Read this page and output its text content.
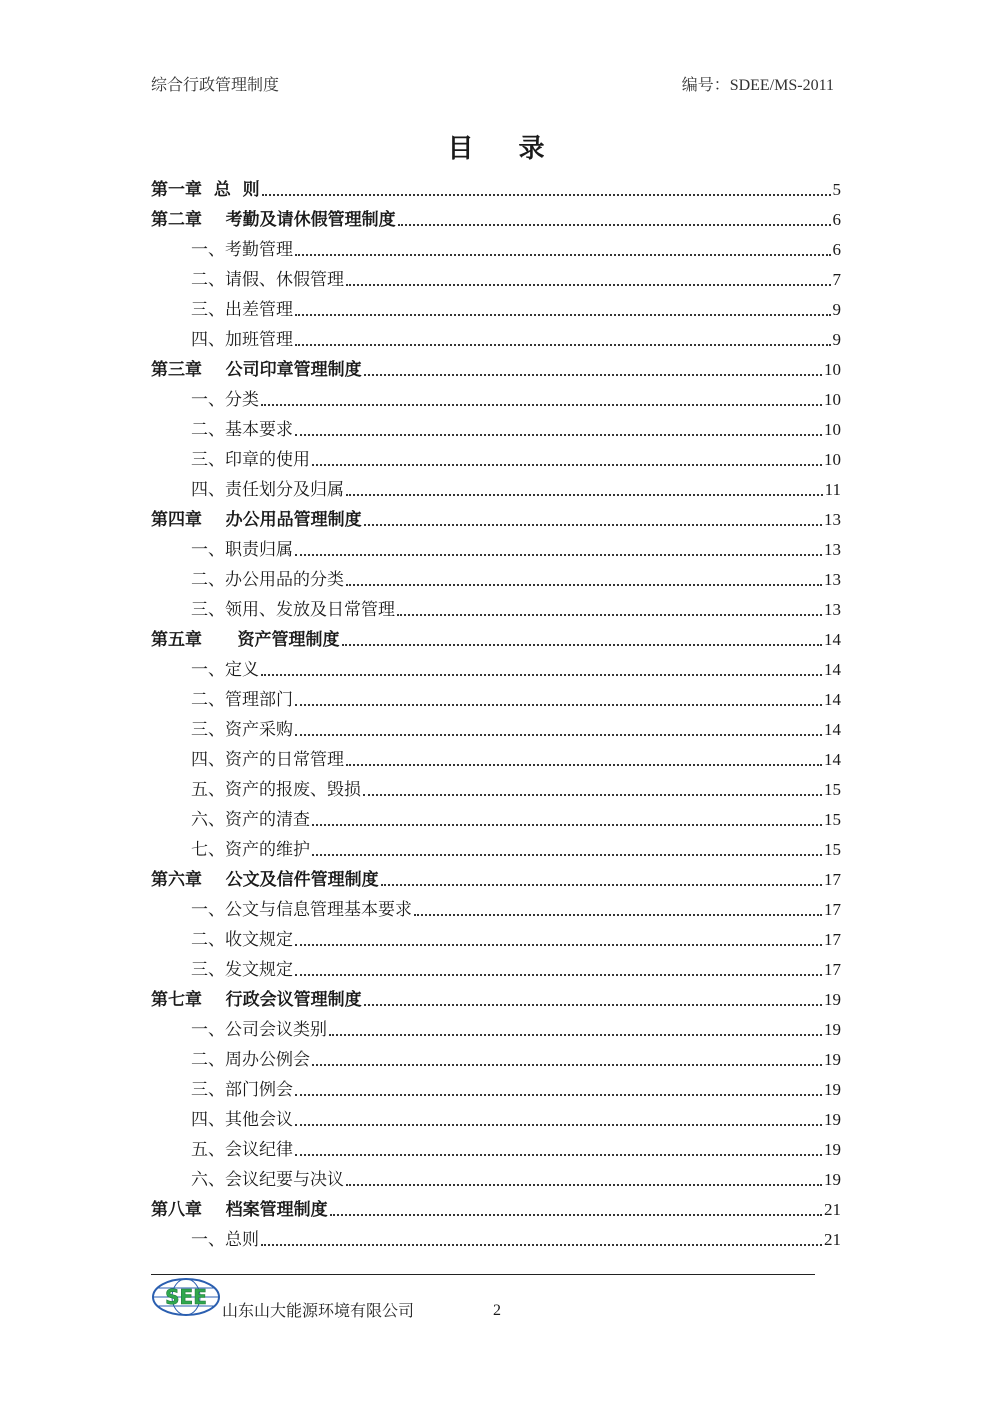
综合行政管理制度	编号：SDEE/MS-2011
目 录
第一章  总  则	5
第二章    考勤及请休假管理制度	6
一、考勤管理	6
二、请假、休假管理	7
三、出差管理	9
四、加班管理	9
第三章    公司印章管理制度	10
一、分类	10
二、基本要求	10
三、印章的使用	10
四、责任划分及归属	11
第四章    办公用品管理制度	13
一、职责归属	13
二、办公用品的分类	13
三、领用、发放及日常管理	13
第五章      资产管理制度	14
一、定义	14
二、管理部门	14
三、资产采购	14
四、资产的日常管理	14
五、资产的报废、毁损	15
六、资产的清查	15
七、资产的维护	15
第六章    公文及信件管理制度	17
一、公文与信息管理基本要求	17
二、收文规定	17
三、发文规定	17
第七章    行政会议管理制度	19
一、公司会议类别	19
二、周办公例会	19
三、部门例会	19
四、其他会议	19
五、会议纪律	19
六、会议纪要与决议	19
第八章    档案管理制度	21
一、总则	21
SEE
山东山大能源环境有限公司	2
